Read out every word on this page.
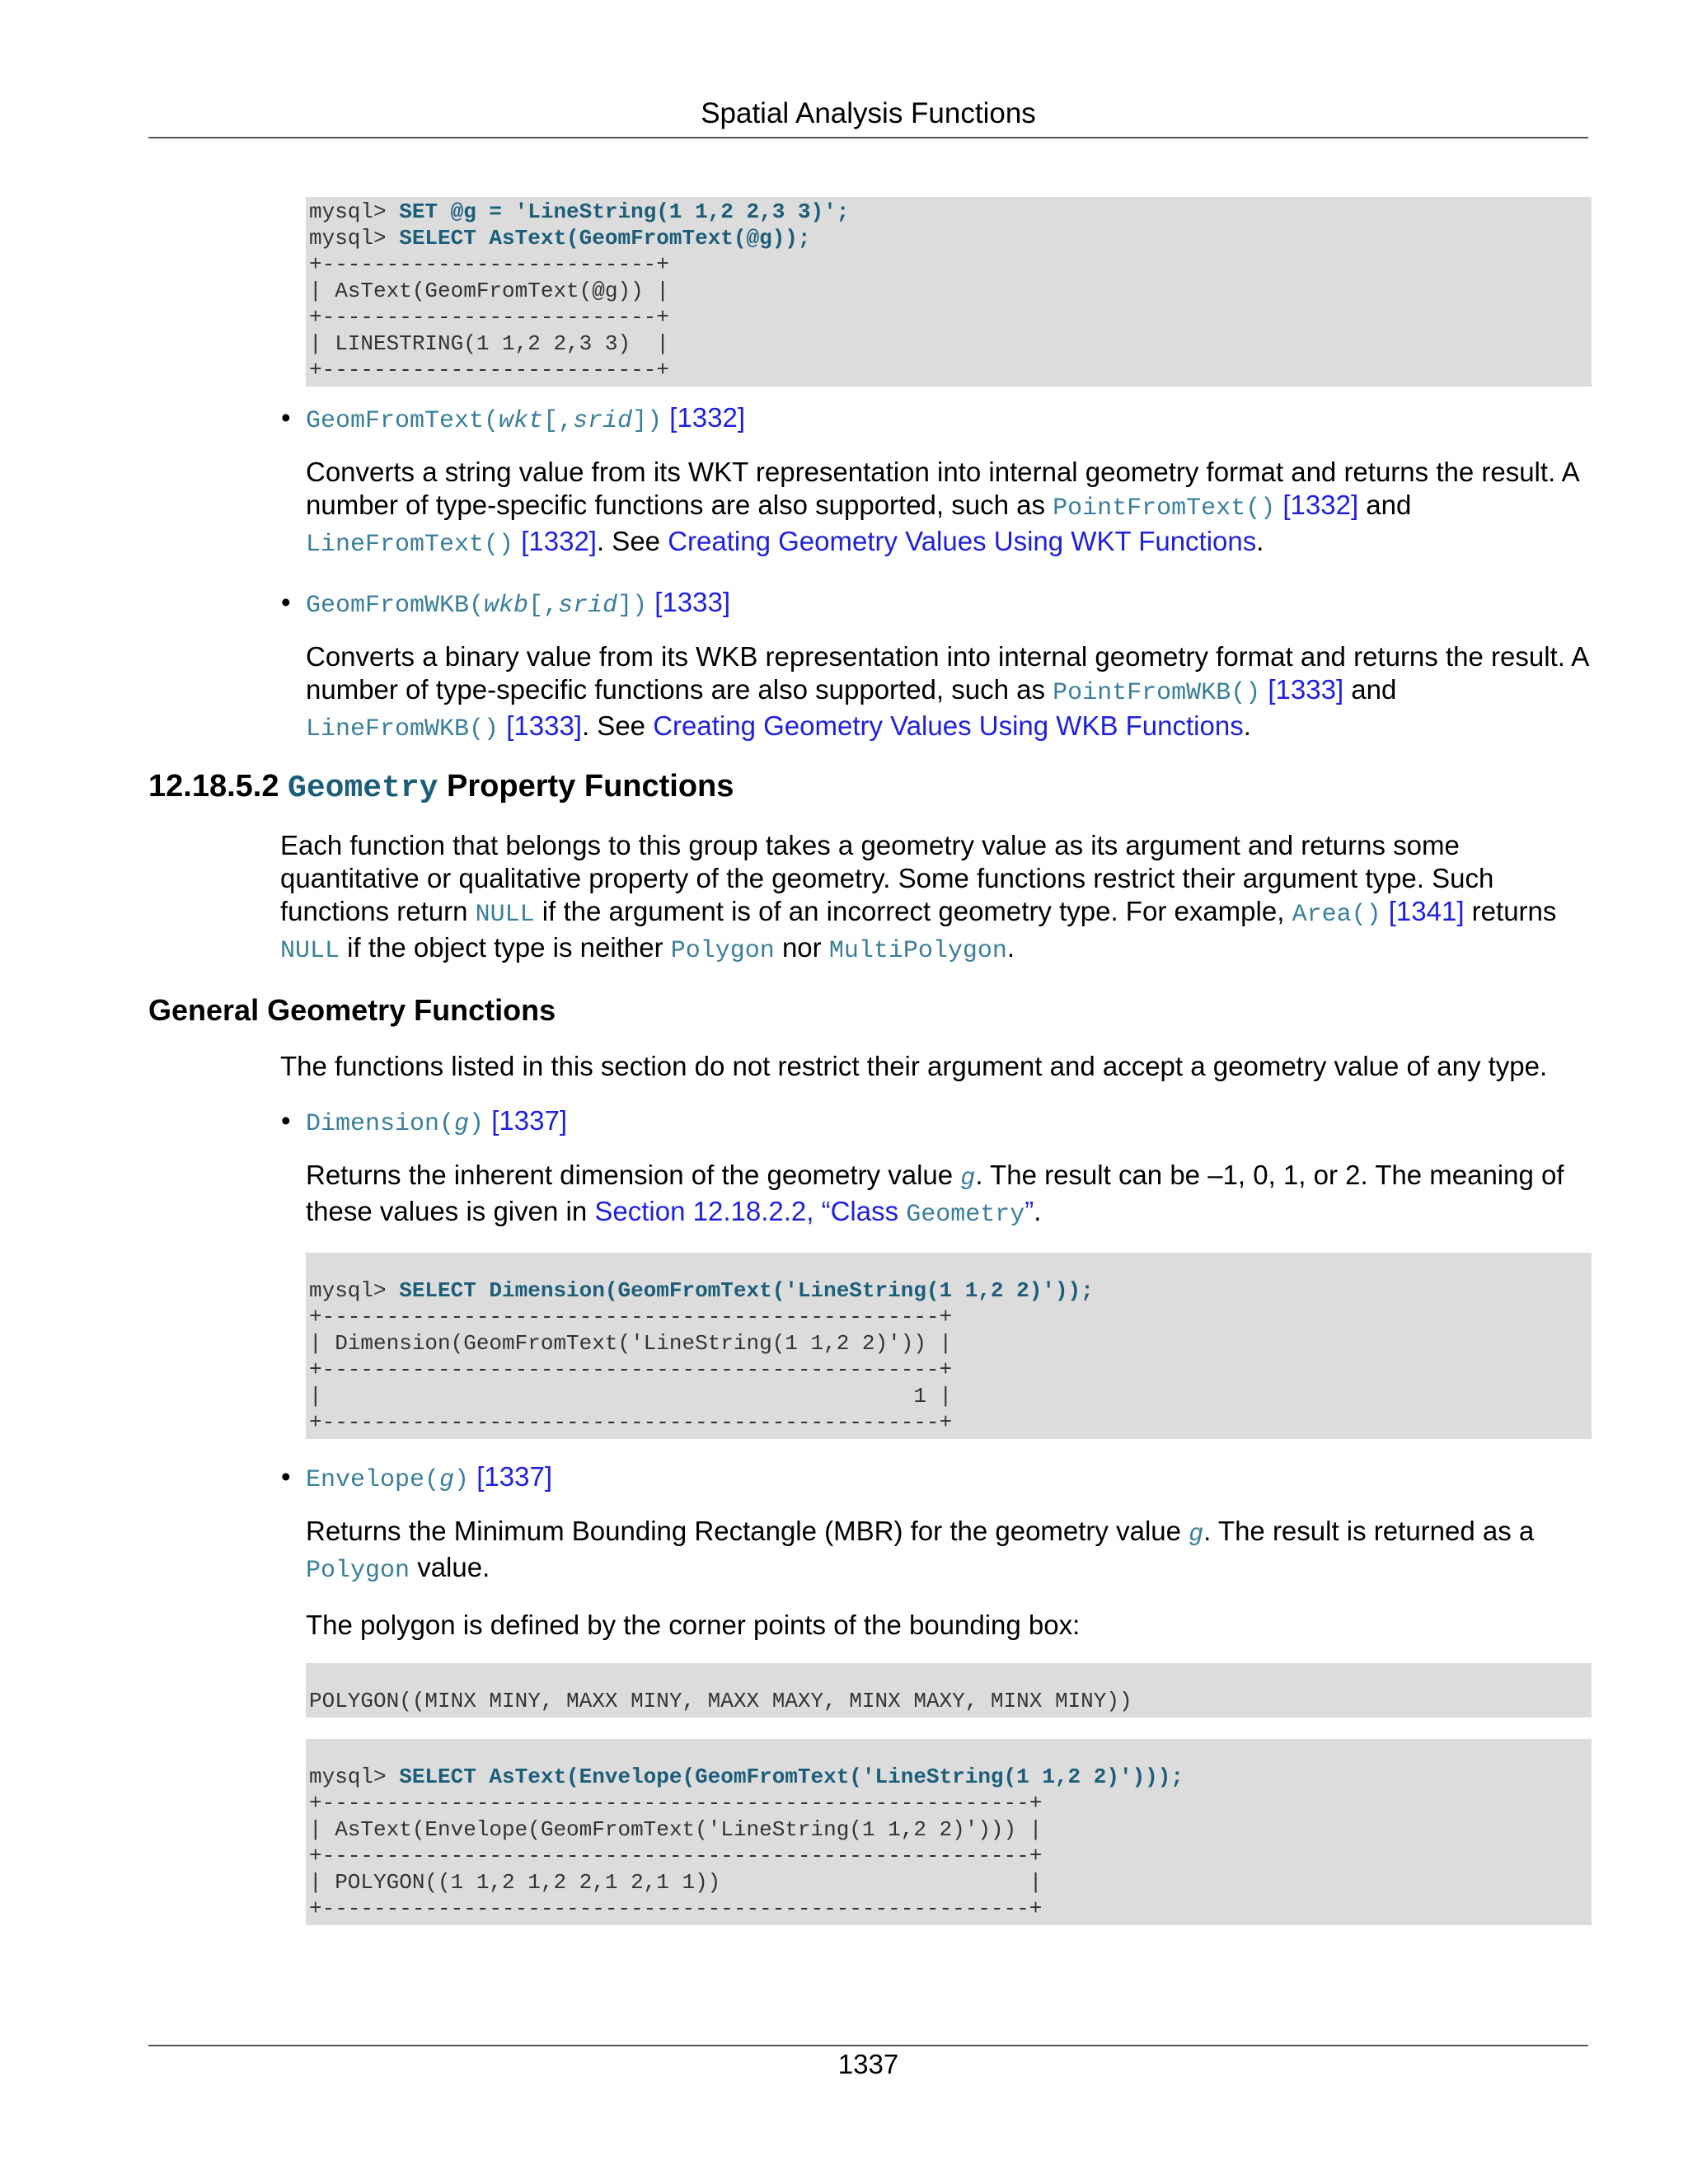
Spatial Analysis Functions
mysql> SET @g = 'LineString(1 1,2 2,3 3)';
mysql> SELECT AsText(GeomFromText(@g));
+--------------------------+
| AsText(GeomFromText(@g)) |
+--------------------------+
| LINESTRING(1 1,2 2,3 3)  |
+--------------------------+
• GeomFromText(wkt[,srid]) [1332]
Converts a string value from its WKT representation into internal geometry format and returns the result. A number of type-specific functions are also supported, such as PointFromText() [1332] and LineFromText() [1332]. See Creating Geometry Values Using WKT Functions.
• GeomFromWKB(wkb[,srid]) [1333]
Converts a binary value from its WKB representation into internal geometry format and returns the result. A number of type-specific functions are also supported, such as PointFromWKB() [1333] and LineFromWKB() [1333]. See Creating Geometry Values Using WKB Functions.
12.18.5.2 Geometry Property Functions
Each function that belongs to this group takes a geometry value as its argument and returns some quantitative or qualitative property of the geometry. Some functions restrict their argument type. Such functions return NULL if the argument is of an incorrect geometry type. For example, Area() [1341] returns NULL if the object type is neither Polygon nor MultiPolygon.
General Geometry Functions
The functions listed in this section do not restrict their argument and accept a geometry value of any type.
• Dimension(g) [1337]
Returns the inherent dimension of the geometry value g. The result can be –1, 0, 1, or 2. The meaning of these values is given in Section 12.18.2.2, “Class Geometry”.
mysql> SELECT Dimension(GeomFromText('LineString(1 1,2 2)'));
+------------------------------------------------+
| Dimension(GeomFromText('LineString(1 1,2 2)')) |
+------------------------------------------------+
|                                              1 |
+------------------------------------------------+
• Envelope(g) [1337]
Returns the Minimum Bounding Rectangle (MBR) for the geometry value g. The result is returned as a Polygon value.
The polygon is defined by the corner points of the bounding box:
POLYGON((MINX MINY, MAXX MINY, MAXX MAXY, MINX MAXY, MINX MINY))
mysql> SELECT AsText(Envelope(GeomFromText('LineString(1 1,2 2)')));
+-------------------------------------------------------+
| AsText(Envelope(GeomFromText('LineString(1 1,2 2)'))) |
+-------------------------------------------------------+
| POLYGON((1 1,2 1,2 2,1 2,1 1))                        |
+-------------------------------------------------------+
1337
